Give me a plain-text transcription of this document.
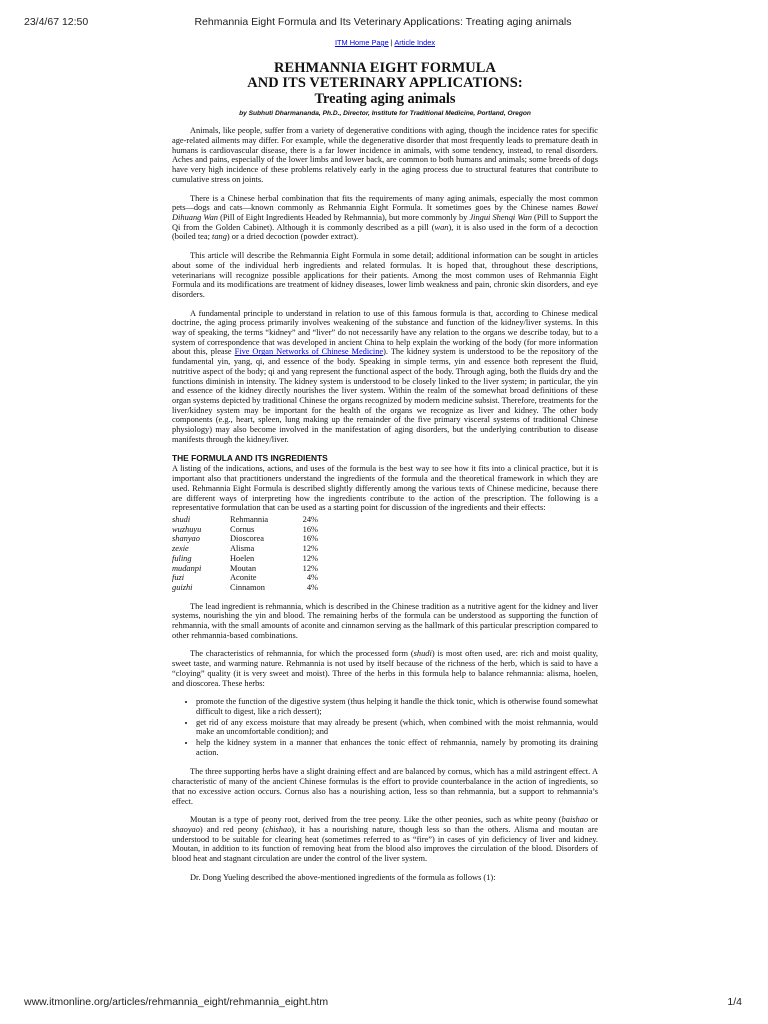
23/4/67 12:50	Rehmannia Eight Formula and Its Veterinary Applications: Treating aging animals
ITM Home Page | Article Index
REHMANNIA EIGHT FORMULA
AND ITS VETERINARY APPLICATIONS:
Treating aging animals
by Subhuti Dharmananda, Ph.D., Director, Institute for Traditional Medicine, Portland, Oregon

Animals, like people, suffer from a variety of degenerative conditions with aging, though the incidence rates for specific age-related ailments may differ. For example, while the degenerative disorder that most frequently leads to premature death in humans is cardiovascular disease, there is a far lower incidence in animals, with some tendency, instead, to renal disorders. Aches and pains, especially of the lower limbs and lower back, are common to both humans and animals; some breeds of dogs have very high incidence of these problems relatively early in the aging process due to structural features that contribute to cumulative stress on joints.

There is a Chinese herbal combination that fits the requirements of many aging animals, especially the most common pets—dogs and cats—known commonly as Rehmannia Eight Formula. It sometimes goes by the Chinese names Bawei Dihuang Wan (Pill of Eight Ingredients Headed by Rehmannia), but more commonly by Jingui Shenqi Wan (Pill to Support the Qi from the Golden Cabinet). Although it is commonly described as a pill (wan), it is also used in the form of a decoction (boiled tea; tang) or a dried decoction (powder extract).

This article will describe the Rehmannia Eight Formula in some detail; additional information can be sought in articles about some of the individual herb ingredients and related formulas. It is hoped that, throughout these descriptions, veterinarians will recognize possible applications for their patients. Among the most common uses of Rehmannia Eight Formula and its modifications are treatment of kidney diseases, lower limb weakness and pain, chronic skin disorders, and eye disorders.

A fundamental principle to understand in relation to use of this famous formula is that, according to Chinese medical doctrine, the aging process primarily involves weakening of the substance and function of the kidney/liver systems. In this way of speaking, the terms “kidney” and “liver” do not necessarily have any relation to the organs we describe today, but to a system of correspondence that was developed in ancient China to help explain the working of the body (for more information about this, please Five Organ Networks of Chinese Medicine). The kidney system is understood to be the repository of the fundamental yin, yang, qi, and essence of the body. Speaking in simple terms, yin and essence both represent the fluid, nutritive aspect of the body; qi and yang represent the functional aspect of the body. Through aging, both the fluids dry and the functions diminish in intensity. The kidney system is understood to be closely linked to the liver system; in particular, the yin and essence of the kidney directly nourishes the liver system. Within the realm of the somewhat broad definitions of these organ systems depicted by traditional Chinese the organs recognized by modern medicine subsist. Therefore, treatments for the liver/kidney system may be important for the health of the organs we recognize as liver and kidney. The other body components (e.g., heart, spleen, lung making up the remainder of the five primary visceral systems of traditional Chinese physiology) may also become involved in the manifestation of aging disorders, but the underlying contribution to disease manifests through the kidney/liver.

THE FORMULA AND ITS INGREDIENTS

A listing of the indications, actions, and uses of the formula is the best way to see how it fits into a clinical practice, but it is important also that practitioners understand the ingredients of the formula and the theoretical framework in which they are used. Rehmannia Eight Formula is described slightly differently among the various texts of Chinese medicine, because there are different ways of interpreting how the ingredients contribute to the action of the prescription. The following is a representative formulation that can be used as a starting point for discussion of the ingredients and their effects:

shudi	Rehmannia	24%
wuzhuyu	Cornus	16%
shanyao	Dioscorea	16%
zexie	Alisma	12%
fuling	Hoelen	12%
mudanpi	Moutan	12%
fuzi	Aconite	4%
guizhi	Cinnamon	4%

The lead ingredient is rehmannia, which is described in the Chinese tradition as a nutritive agent for the kidney and liver systems, nourishing the yin and blood. The remaining herbs of the formula can be understood as supporting the function of rehmannia, with the small amounts of aconite and cinnamon serving as the hallmark of this particular prescription compared to other rehmannia-based combinations.

The characteristics of rehmannia, for which the processed form (shudi) is most often used, are: rich and moist quality, sweet taste, and warming nature. Rehmannia is not used by itself because of the richness of the herb, which is said to have a “cloying” quality (it is very sweet and moist). Three of the herbs in this formula help to balance rehmannia: alisma, hoelen, and dioscorea. These herbs:

• promote the function of the digestive system (thus helping it handle the thick tonic, which is otherwise found somewhat difficult to digest, like a rich dessert);
• get rid of any excess moisture that may already be present (which, when combined with the moist rehmannia, would make an uncomfortable condition); and
• help the kidney system in a manner that enhances the tonic effect of rehmannia, namely by promoting its draining action.

The three supporting herbs have a slight draining effect and are balanced by cornus, which has a mild astringent effect. A characteristic of many of the ancient Chinese formulas is the effort to provide counterbalance in the action of ingredients, so that no excessive action occurs. Cornus also has a nourishing action, less so than rehmannia, but a support to rehmannia’s effect.

Moutan is a type of peony root, derived from the tree peony. Like the other peonies, such as white peony (baishao or shaoyao) and red peony (chishao), it has a nourishing nature, though less so than the others. Alisma and moutan are understood to be suitable for clearing heat (sometimes referred to as “fire”) in cases of yin deficiency of liver and kidney. Moutan, in addition to its function of removing heat from the blood also improves the circulation of the blood. Disorders of blood heat and stagnant circulation are under the control of the liver system.

Dr. Dong Yueling described the above-mentioned ingredients of the formula as follows (1):

www.itmonline.org/articles/rehmannia_eight/rehmannia_eight.htm	1/4
